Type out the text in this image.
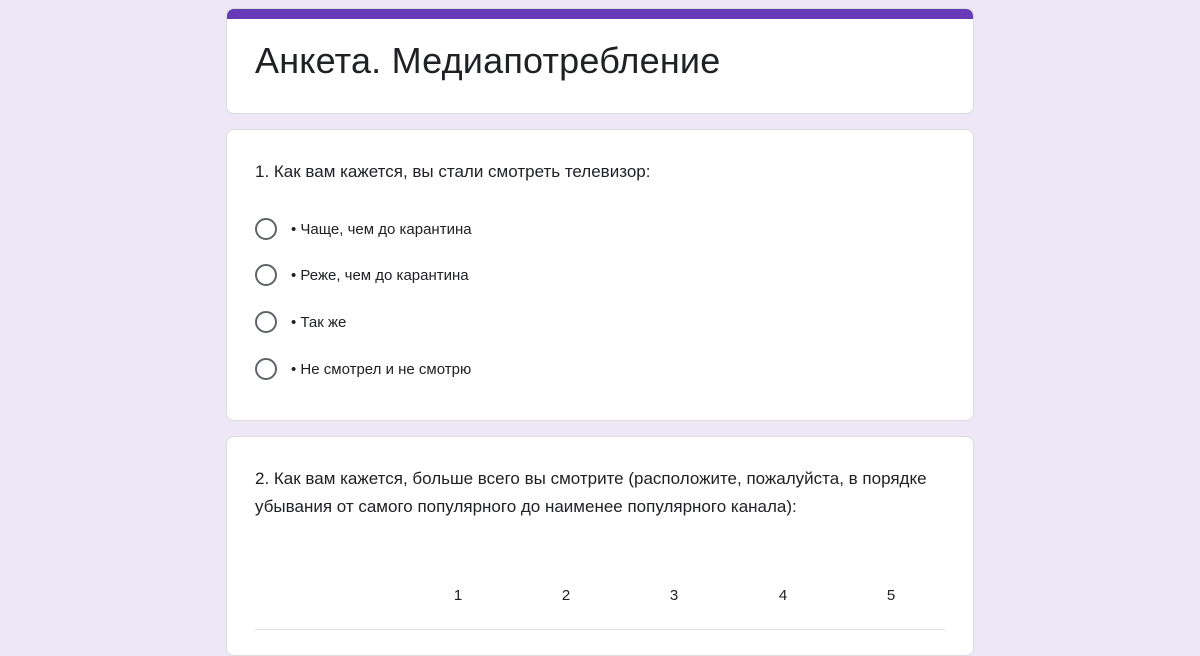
Анкета. Медиапотребление
1. Как вам кажется, вы стали смотреть телевизор:
• Чаще, чем до карантина
• Реже, чем до карантина
• Так же
• Не смотрел и не смотрю
2. Как вам кажется, больше всего вы смотрите (расположите, пожалуйста, в порядке убывания от самого популярного до наименее популярного канала):
1	2	3	4	5
